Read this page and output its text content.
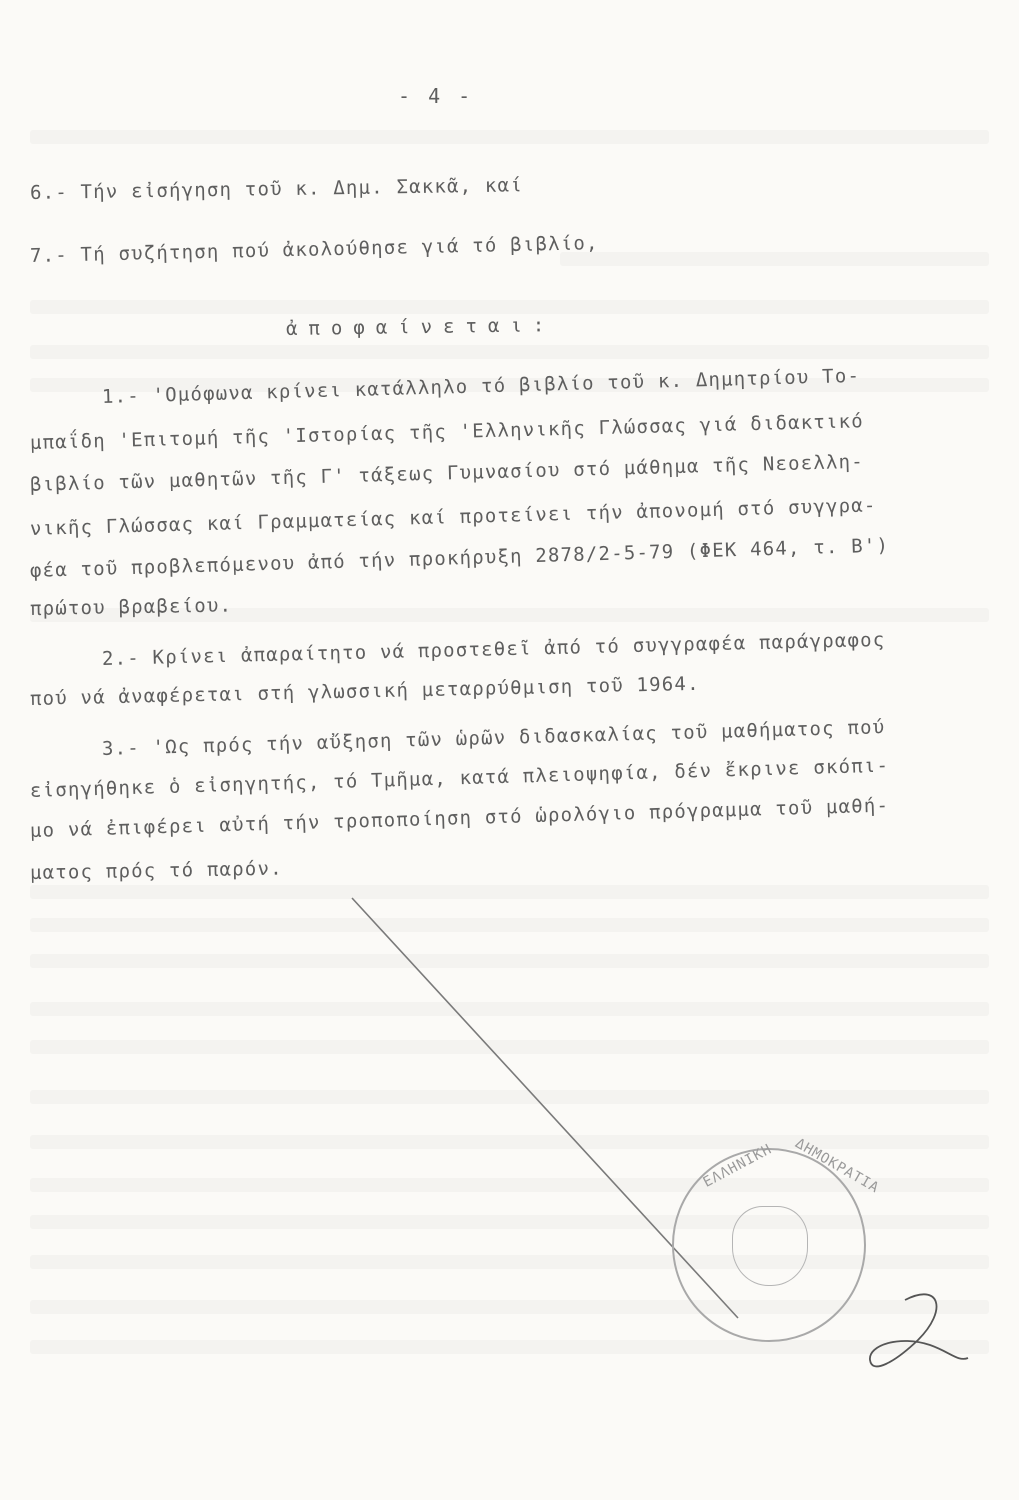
- 4 -
6.- Τήν εἰσήγηση τοῦ κ. Δημ. Σακκᾶ, καί
7.- Τή συζήτηση πού ἀκολούθησε γιά τό βιβλίο,
ἀποφαίνεται:
1.- 'Ομόφωνα κρίνει κατάλληλο τό βιβλίο τοῦ κ. Δημητρίου Το-
μπαΐδη 'Επιτομή τῆς 'Ιστορίας τῆς 'Ελληνικῆς Γλώσσας γιά διδακτικό
βιβλίο τῶν μαθητῶν τῆς Γ' τάξεως Γυμνασίου στό μάθημα τῆς Νεοελλη-
νικῆς Γλώσσας καί Γραμματείας καί προτείνει τήν ἀπονομή στό συγγρα-
φέα τοῦ προβλεπόμενου ἀπό τήν προκήρυξη 2878/2-5-79 (ΦΕΚ 464, τ. Β')
πρώτου βραβείου.
2.- Κρίνει ἀπαραίτητο νά προστεθεῖ ἀπό τό συγγραφέα παράγραφος
πού νά ἀναφέρεται στή γλωσσική μεταρρύθμιση τοῦ 1964.
3.- 'Ως πρός τήν αὔξηση τῶν ὡρῶν διδασκαλίας τοῦ μαθήματος πού
εἰσηγήθηκε ὁ εἰσηγητής, τό Τμῆμα, κατά πλειοψηφία, δέν ἔκρινε σκόπι-
μο νά ἐπιφέρει αὐτή τήν τροποποίηση στό ὡρολόγιο πρόγραμμα τοῦ μαθή-
ματος πρός τό παρόν.
ΕΛΛΗΝΙΚΗ ΔΗΜΟΚΡΑΤΙΑ
